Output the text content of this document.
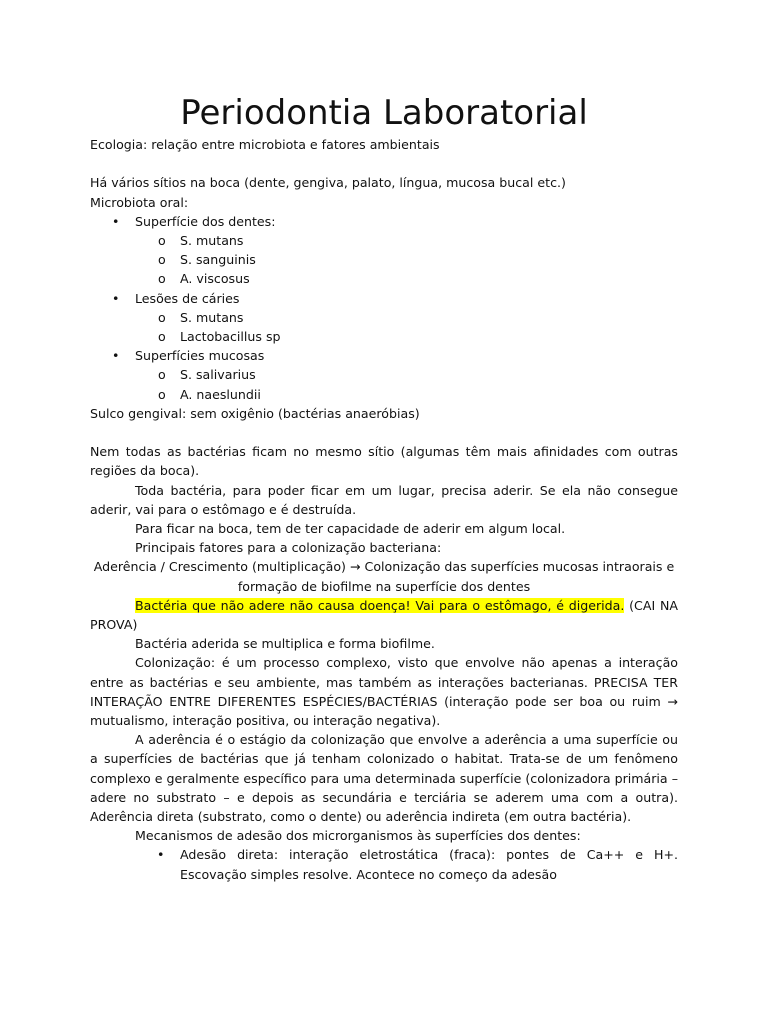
Periodontia Laboratorial

Ecologia: relação entre microbiota e fatores ambientais

Há vários sítios na boca (dente, gengiva, palato, língua, mucosa bucal etc.)

Microbiota oral:

• Superfície dos dentes:

o S. mutans

o S. sanguinis

o A. viscosus

• Lesões de cáries

o S. mutans

o Lactobacillus sp

• Superfícies mucosas

o S. salivarius

o A. naeslundii

Sulco gengival: sem oxigênio (bactérias anaeróbias)

Nem todas as bactérias ficam no mesmo sítio (algumas têm mais afinidades com outras regiões da boca).

Toda bactéria, para poder ficar em um lugar, precisa aderir. Se ela não consegue aderir, vai para o estômago e é destruída.

Para ficar na boca, tem de ter capacidade de aderir em algum local.

Principais fatores para a colonização bacteriana:

Aderência / Crescimento (multiplicação) → Colonização das superfícies mucosas intraorais e

formação de biofilme na superfície dos dentes

Bactéria que não adere não causa doença! Vai para o estômago, é digerida. (CAI NA PROVA)

Bactéria aderida se multiplica e forma biofilme.

Colonização: é um processo complexo, visto que envolve não apenas a interação entre as bactérias e seu ambiente, mas também as interações bacterianas. PRECISA TER INTERAÇÃO ENTRE DIFERENTES ESPÉCIES/BACTÉRIAS (interação pode ser boa ou ruim → mutualismo, interação positiva, ou interação negativa).

A aderência é o estágio da colonização que envolve a aderência a uma superfície ou a superfícies de bactérias que já tenham colonizado o habitat. Trata-se de um fenômeno complexo e geralmente específico para uma determinada superfície (colonizadora primária – adere no substrato – e depois as secundária e terciária se aderem uma com a outra). Aderência direta (substrato, como o dente) ou aderência indireta (em outra bactéria).

Mecanismos de adesão dos microrganismos às superfícies dos dentes:

• Adesão direta: interação eletrostática (fraca): pontes de Ca++ e H+. Escovação simples resolve. Acontece no começo da adesão
